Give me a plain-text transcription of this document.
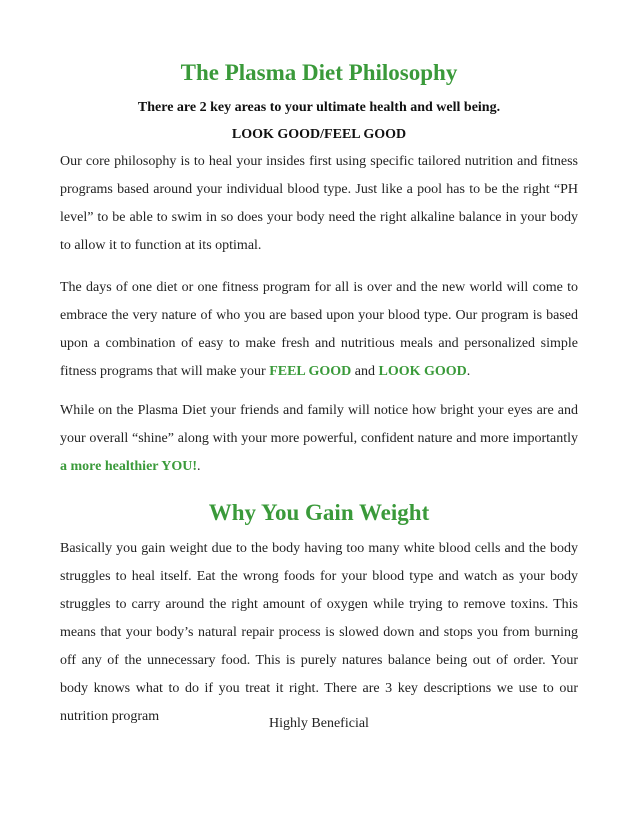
The Plasma Diet Philosophy
There are 2 key areas to your ultimate health and well being.
LOOK GOOD/FEEL GOOD
Our core philosophy is to heal your insides first using specific tailored nutrition and fitness programs based around your individual blood type. Just like a pool has to be the right “PH level” to be able to swim in so does your body need the right alkaline balance in your body to allow it to function at its optimal.
The days of one diet or one fitness program for all is over and the new world will come to embrace the very nature of who you are based upon your blood type. Our program is based upon a combination of easy to make fresh and nutritious meals and personalized simple fitness programs that will make your FEEL GOOD and LOOK GOOD.
While on the Plasma Diet your friends and family will notice how bright your eyes are and your overall “shine” along with your more powerful, confident nature and more importantly a more healthier YOU!.
Why You Gain Weight
Basically you gain weight due to the body having too many white blood cells and the body struggles to heal itself. Eat the wrong foods for your blood type and watch as your body struggles to carry around the right amount of oxygen while trying to remove toxins. This means that your body’s natural repair process is slowed down and stops you from burning off any of the unnecessary food. This is purely natures balance being out of order. Your body knows what to do if you treat it right. There are 3 key descriptions we use to our nutrition program	Highly Beneficial
